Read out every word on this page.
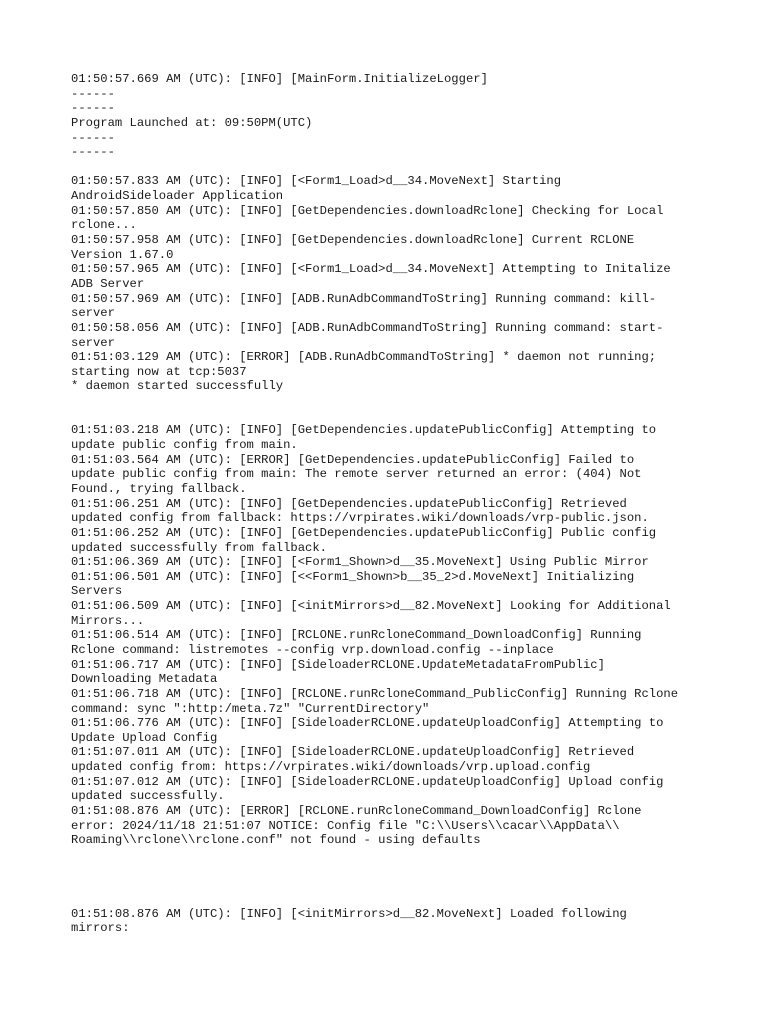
01:50:57.669 AM (UTC): [INFO] [MainForm.InitializeLogger]
------
------
Program Launched at: 09:50PM(UTC)
------
------
01:50:57.833 AM (UTC): [INFO] [<Form1_Load>d__34.MoveNext] Starting
AndroidSideloader Application
01:50:57.850 AM (UTC): [INFO] [GetDependencies.downloadRclone] Checking for Local
rclone...
01:50:57.958 AM (UTC): [INFO] [GetDependencies.downloadRclone] Current RCLONE
Version 1.67.0
01:50:57.965 AM (UTC): [INFO] [<Form1_Load>d__34.MoveNext] Attempting to Initalize
ADB Server
01:50:57.969 AM (UTC): [INFO] [ADB.RunAdbCommandToString] Running command: kill-
server
01:50:58.056 AM (UTC): [INFO] [ADB.RunAdbCommandToString] Running command: start-
server
01:51:03.129 AM (UTC): [ERROR] [ADB.RunAdbCommandToString] * daemon not running;
starting now at tcp:5037
* daemon started successfully
01:51:03.218 AM (UTC): [INFO] [GetDependencies.updatePublicConfig] Attempting to
update public config from main.
01:51:03.564 AM (UTC): [ERROR] [GetDependencies.updatePublicConfig] Failed to
update public config from main: The remote server returned an error: (404) Not
Found., trying fallback.
01:51:06.251 AM (UTC): [INFO] [GetDependencies.updatePublicConfig] Retrieved
updated config from fallback: https://vrpirates.wiki/downloads/vrp-public.json.
01:51:06.252 AM (UTC): [INFO] [GetDependencies.updatePublicConfig] Public config
updated successfully from fallback.
01:51:06.369 AM (UTC): [INFO] [<Form1_Shown>d__35.MoveNext] Using Public Mirror
01:51:06.501 AM (UTC): [INFO] [<<Form1_Shown>b__35_2>d.MoveNext] Initializing
Servers
01:51:06.509 AM (UTC): [INFO] [<initMirrors>d__82.MoveNext] Looking for Additional
Mirrors...
01:51:06.514 AM (UTC): [INFO] [RCLONE.runRcloneCommand_DownloadConfig] Running
Rclone command: listremotes --config vrp.download.config --inplace
01:51:06.717 AM (UTC): [INFO] [SideloaderRCLONE.UpdateMetadataFromPublic]
Downloading Metadata
01:51:06.718 AM (UTC): [INFO] [RCLONE.runRcloneCommand_PublicConfig] Running Rclone
command: sync ":http:/meta.7z" "CurrentDirectory"
01:51:06.776 AM (UTC): [INFO] [SideloaderRCLONE.updateUploadConfig] Attempting to
Update Upload Config
01:51:07.011 AM (UTC): [INFO] [SideloaderRCLONE.updateUploadConfig] Retrieved
updated config from: https://vrpirates.wiki/downloads/vrp.upload.config
01:51:07.012 AM (UTC): [INFO] [SideloaderRCLONE.updateUploadConfig] Upload config
updated successfully.
01:51:08.876 AM (UTC): [ERROR] [RCLONE.runRcloneCommand_DownloadConfig] Rclone
error: 2024/11/18 21:51:07 NOTICE: Config file "C:\\Users\\cacar\\AppData\\
Roaming\\rclone\\rclone.conf" not found - using defaults
01:51:08.876 AM (UTC): [INFO] [<initMirrors>d__82.MoveNext] Loaded following
mirrors:
